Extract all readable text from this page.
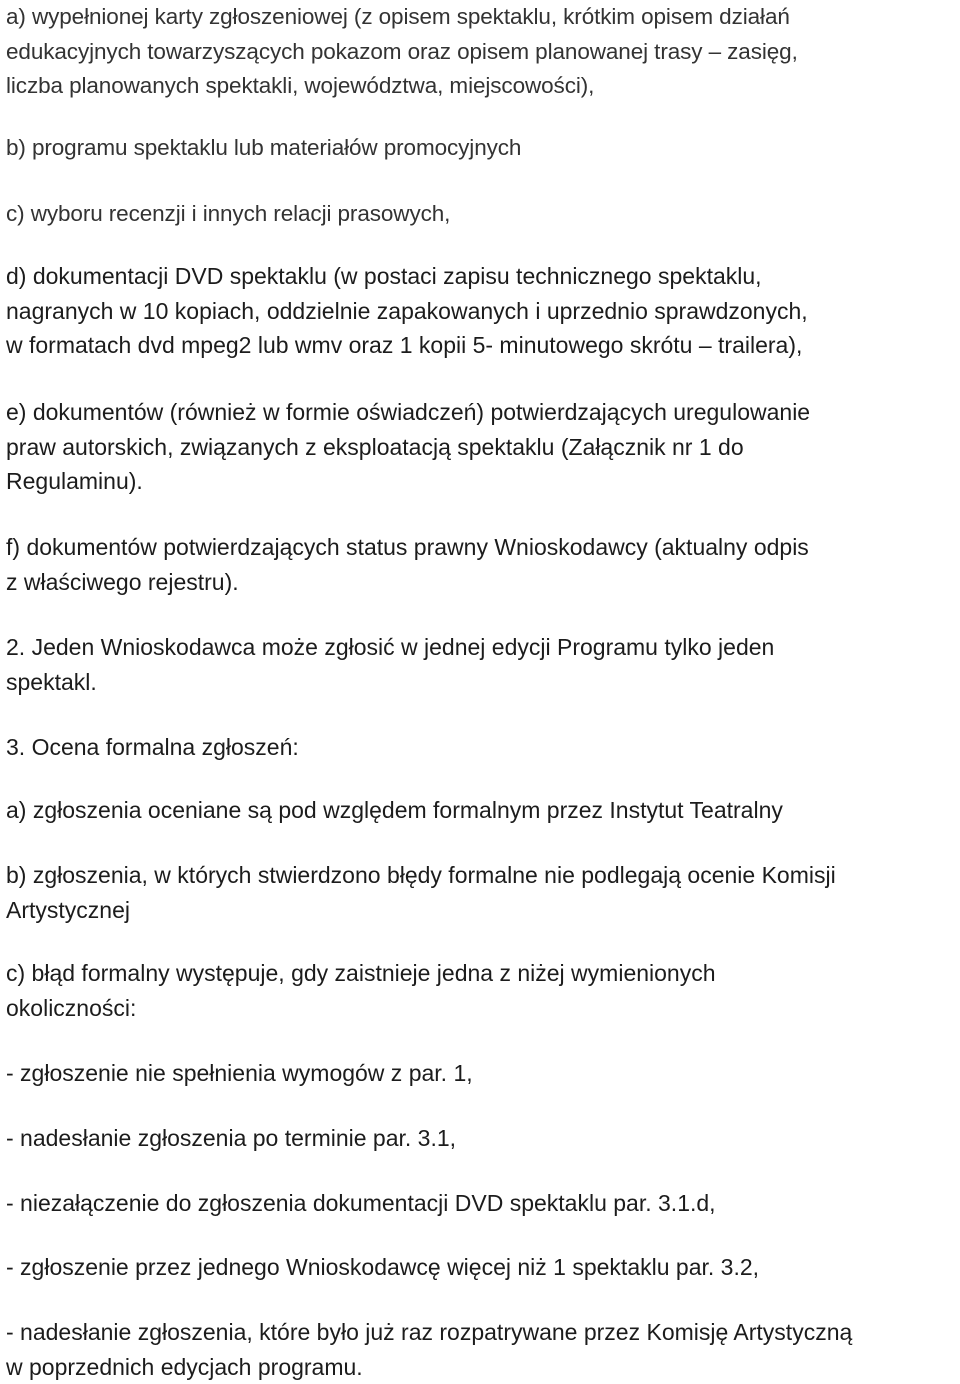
a) wypełnionej karty zgłoszeniowej (z opisem spektaklu, krótkim opisem działań
edukacyjnych towarzyszących pokazom oraz opisem planowanej trasy – zasięg,
liczba planowanych spektakli, województwa, miejscowości),
b) programu spektaklu lub materiałów promocyjnych
c) wyboru recenzji i innych relacji prasowych,
d) dokumentacji DVD spektaklu (w postaci zapisu technicznego spektaklu,
nagranych w 10 kopiach, oddzielnie zapakowanych i uprzednio sprawdzonych,
w formatach dvd mpeg2 lub wmv oraz 1 kopii 5- minutowego skrótu – trailera),
e) dokumentów (również w formie oświadczeń) potwierdzających uregulowanie
praw autorskich, związanych z eksploatacją spektaklu (Załącznik nr 1 do
Regulaminu).
f) dokumentów potwierdzających status prawny Wnioskodawcy (aktualny odpis
z właściwego rejestru).
2. Jeden Wnioskodawca może zgłosić w jednej edycji Programu tylko jeden
spektakl.
3. Ocena formalna zgłoszeń:
a) zgłoszenia oceniane są pod względem formalnym przez Instytut Teatralny
b) zgłoszenia, w których stwierdzono błędy formalne nie podlegają ocenie Komisji
Artystycznej
c) błąd formalny występuje, gdy zaistnieje jedna z niżej wymienionych
okoliczności:
- zgłoszenie nie spełnienia wymogów z par. 1,
- nadesłanie zgłoszenia po terminie par. 3.1,
- niezałączenie do zgłoszenia dokumentacji DVD spektaklu par. 3.1.d,
- zgłoszenie przez jednego Wnioskodawcę więcej niż 1 spektaklu par. 3.2,
- nadesłanie zgłoszenia, które było już raz rozpatrywane przez Komisję Artystyczną
w poprzednich edycjach programu.
